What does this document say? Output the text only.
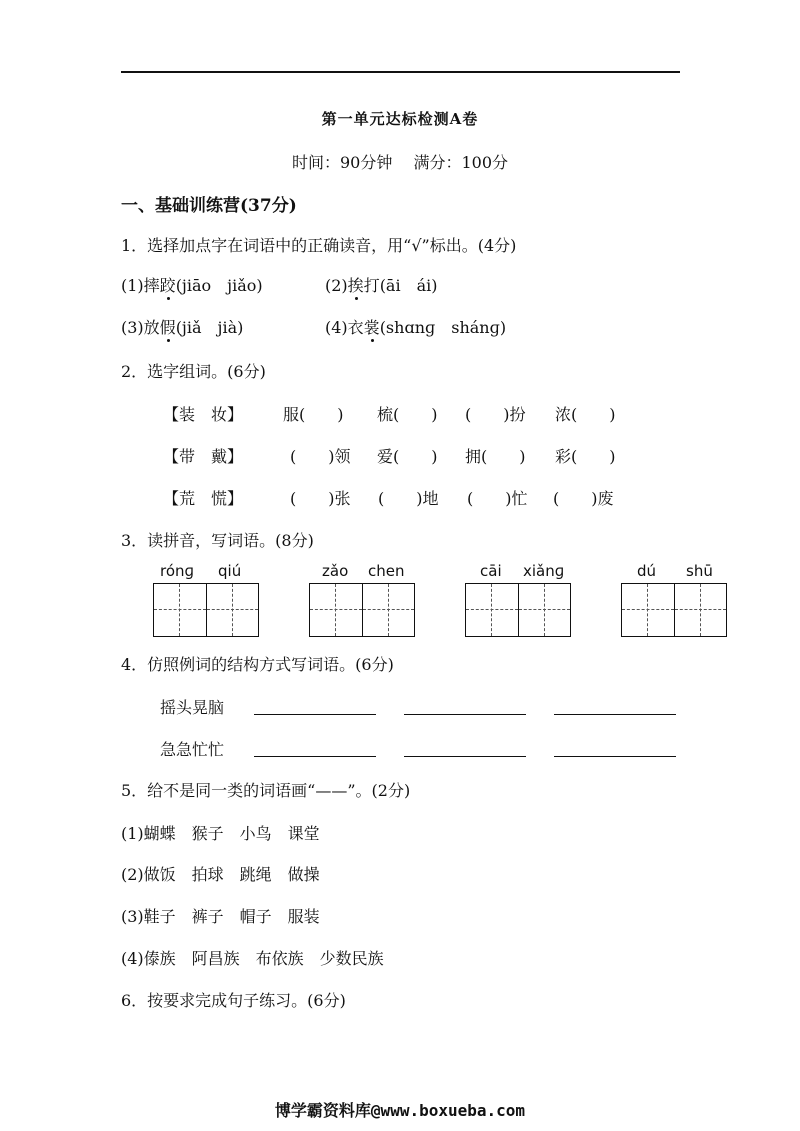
第一单元达标检测A卷
时间：90分钟 满分：100分
一、基础训练营(37分)
1．选择加点字在词语中的正确读音，用“√”标出。(4分)
(1)摔跤(jiāo　jiǎo)	(2)挨打(āi　ái)
(3)放假(jiǎ　jià)	(4)衣裳(shɑnɡ　shánɡ)
2．选字组词。(6分)
【装　妆】 服(　　) 梳(　　) (　　)扮 浓(　　)
【带　戴】	(　　)领 爱(　　) 拥(　　) 彩(　　)
【荒　慌】	(　　)张 (　　)地 (　　)忙 (　　)废
3．读拼音，写词语。(8分)
rónɡ qiú	zǎo chen	cāi xiǎnɡ	dú shū
4．仿照例词的结构方式写词语。(6分)
摇头晃脑
急急忙忙
5．给不是同一类的词语画“——”。(2分)
(1)蝴蝶　猴子　小鸟　课堂
(2)做饭　拍球　跳绳　做操
(3)鞋子　裤子　帽子　服装
(4)傣族　阿昌族　布依族　少数民族
6．按要求完成句子练习。(6分)
博学霸资料库@www.boxueba.com
